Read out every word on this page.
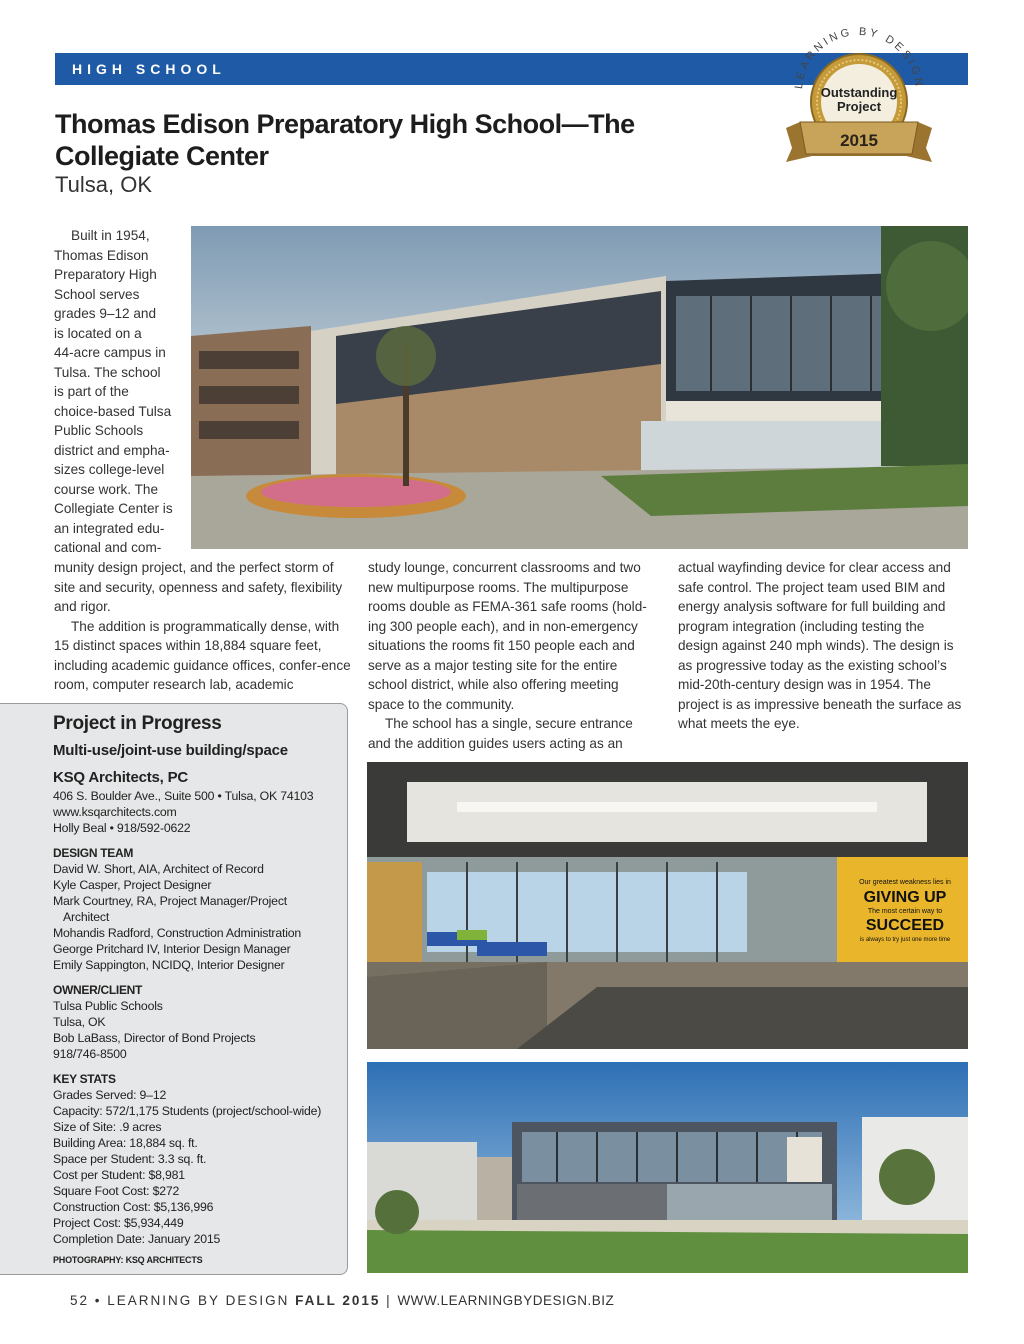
HIGH SCHOOL
LEARNING BY DESIGN
Outstanding
Project
2015
Thomas Edison Preparatory High School—The Collegiate Center
Tulsa, OK
Built in 1954,
Thomas Edison
Preparatory High
School serves
grades 9–12 and
is located on a
44-acre campus in
Tulsa. The school
is part of the
choice-based Tulsa
Public Schools
district and empha-
sizes college-level
course work. The
Collegiate Center is
an integrated edu-
cational and com-
munity design project, and the perfect storm of site and security, openness and safety, flexibility and rigor.
The addition is programmatically dense, with 15 distinct spaces within 18,884 square feet, including academic guidance offices, confer-ence room, computer research lab, academic
study lounge, concurrent classrooms and two new multipurpose rooms. The multipurpose rooms double as FEMA-361 safe rooms (hold-ing 300 people each), and in non-emergency situations the rooms fit 150 people each and serve as a major testing site for the entire school district, while also offering meeting space to the community.
The school has a single, secure entrance and the addition guides users acting as an
actual wayfinding device for clear access and safe control. The project team used BIM and energy analysis software for full building and program integration (including testing the design against 240 mph winds). The design is as progressive today as the existing school’s mid-20th-century design was in 1954. The project is as impressive beneath the surface as what meets the eye.
Our greatest weakness lies in
GIVING UP
The most certain way to
SUCCEED
is always to try just one more time
Project in Progress
Multi-use/joint-use building/space
KSQ Architects, PC
406 S. Boulder Ave., Suite 500 • Tulsa, OK 74103
www.ksqarchitects.com
Holly Beal • 918/592-0622
DESIGN TEAM
David W. Short, AIA, Architect of Record
Kyle Casper, Project Designer
Mark Courtney, RA, Project Manager/Project
Architect
Mohandis Radford, Construction Administration
George Pritchard IV, Interior Design Manager
Emily Sappington, NCIDQ, Interior Designer
OWNER/CLIENT
Tulsa Public Schools
Tulsa, OK
Bob LaBass, Director of Bond Projects
918/746-8500
KEY STATS
Grades Served: 9–12
Capacity: 572/1,175 Students (project/school-wide)
Size of Site: .9 acres
Building Area: 18,884 sq. ft.
Space per Student: 3.3 sq. ft.
Cost per Student: $8,981
Square Foot Cost: $272
Construction Cost: $5,136,996
Project Cost: $5,934,449
Completion Date: January 2015
PHOTOGRAPHY: KSQ ARCHITECTS
52 • LEARNING BY DESIGN FALL 2015 | WWW.LEARNINGBYDESIGN.BIZ
